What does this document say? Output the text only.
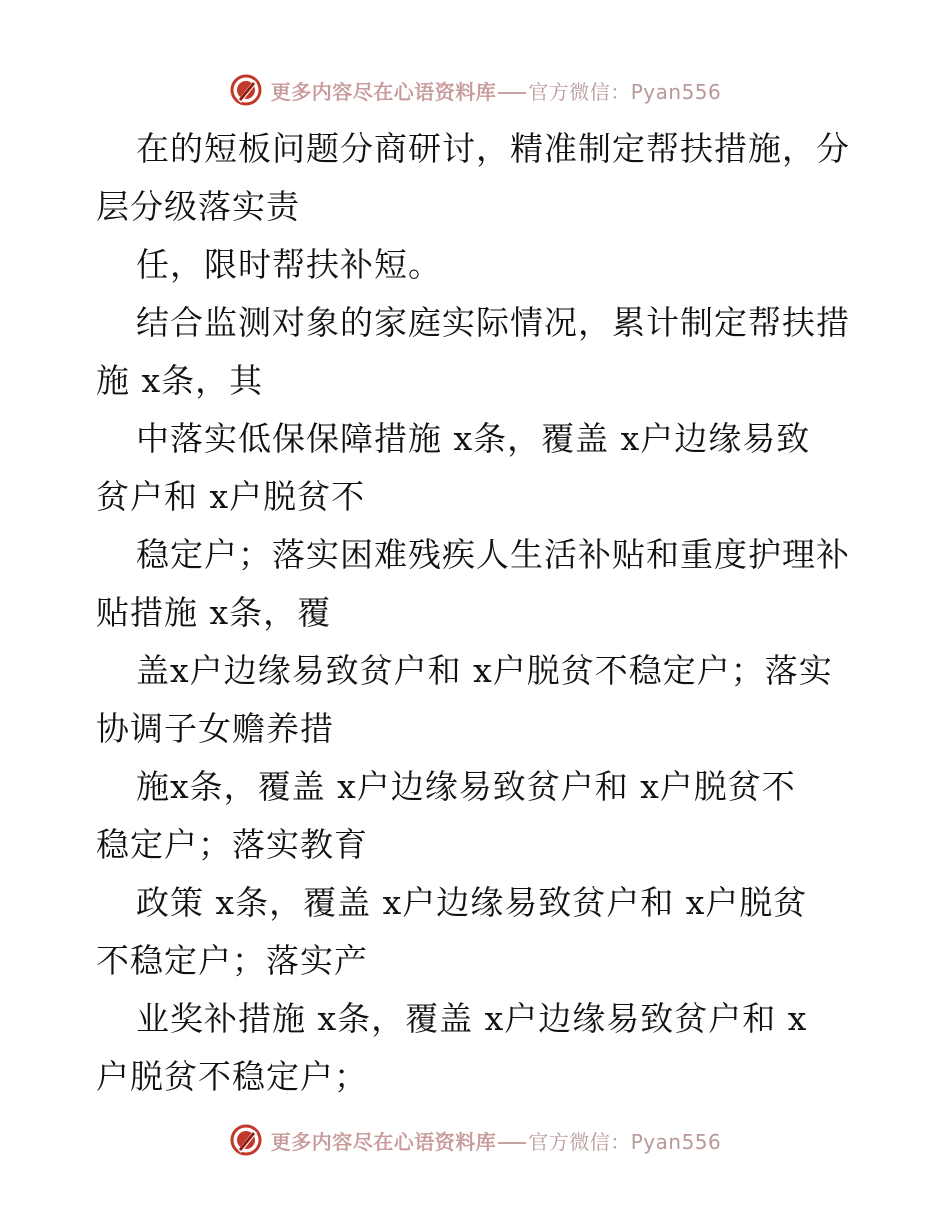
更多内容尽在心语资料库 官方微信：Pyan556
在的短板问题分商研讨，精准制定帮扶措施，分
层分级落实责
任，限时帮扶补短。
结合监测对象的家庭实际情况，累计制定帮扶措
施 x条，其
中落实低保保障措施 x条，覆盖 x户边缘易致
贫户和 x户脱贫不
稳定户；落实困难残疾人生活补贴和重度护理补
贴措施 x条，覆
盖x户边缘易致贫户和 x户脱贫不稳定户；落实
协调子女赡养措
施x条，覆盖 x户边缘易致贫户和 x户脱贫不
稳定户；落实教育
政策 x条，覆盖 x户边缘易致贫户和 x户脱贫
不稳定户；落实产
业奖补措施 x条，覆盖 x户边缘易致贫户和 x
户脱贫不稳定户；
更多内容尽在心语资料库 官方微信：Pyan556
